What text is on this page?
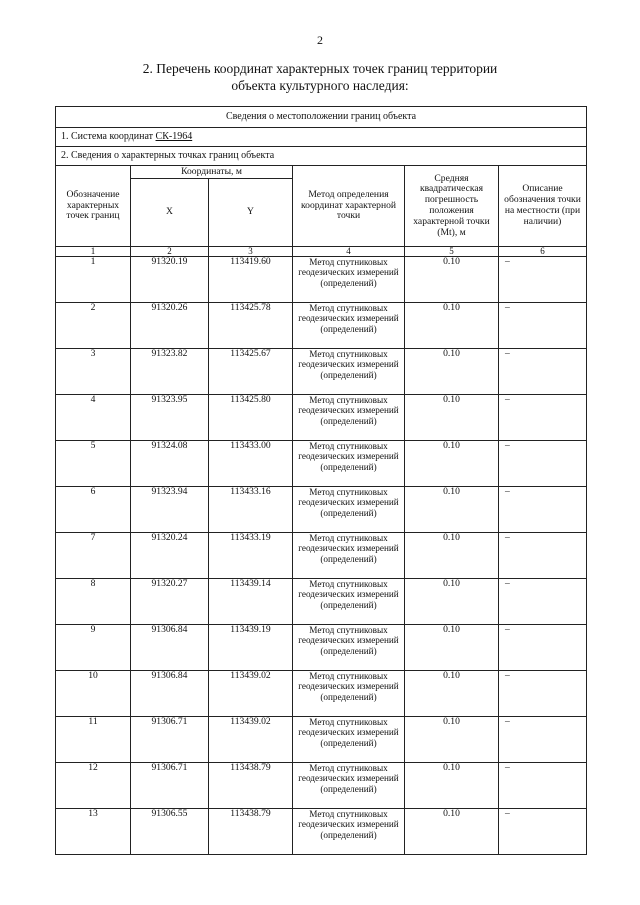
2
2. Перечень координат характерных точек границ территории
объекта культурного наследия:
Сведения о местоположении границ объекта					
1. Система координат СК-1964					
2. Сведения о характерных точках границ объекта					
Обозначение характерных точек границ	Координаты, м		Метод определения координат характерной точки	Средняя квадратическая погрешность положения характерной точки (Mt), м	Описание обозначения точки на местности (при наличии)
	X	Y			
1	2	3	4	5	6
1	91320.19	113419.60	Метод спутниковых геодезических измерений (определений)	0.10	–
2	91320.26	113425.78	Метод спутниковых геодезических измерений (определений)	0.10	–
3	91323.82	113425.67	Метод спутниковых геодезических измерений (определений)	0.10	–
4	91323.95	113425.80	Метод спутниковых геодезических измерений (определений)	0.10	–
5	91324.08	113433.00	Метод спутниковых геодезических измерений (определений)	0.10	–
6	91323.94	113433.16	Метод спутниковых геодезических измерений (определений)	0.10	–
7	91320.24	113433.19	Метод спутниковых геодезических измерений (определений)	0.10	–
8	91320.27	113439.14	Метод спутниковых геодезических измерений (определений)	0.10	–
9	91306.84	113439.19	Метод спутниковых геодезических измерений (определений)	0.10	–
10	91306.84	113439.02	Метод спутниковых геодезических измерений (определений)	0.10	–
11	91306.71	113439.02	Метод спутниковых геодезических измерений (определений)	0.10	–
12	91306.71	113438.79	Метод спутниковых геодезических измерений (определений)	0.10	–
13	91306.55	113438.79	Метод спутниковых геодезических измерений (определений)	0.10	–
